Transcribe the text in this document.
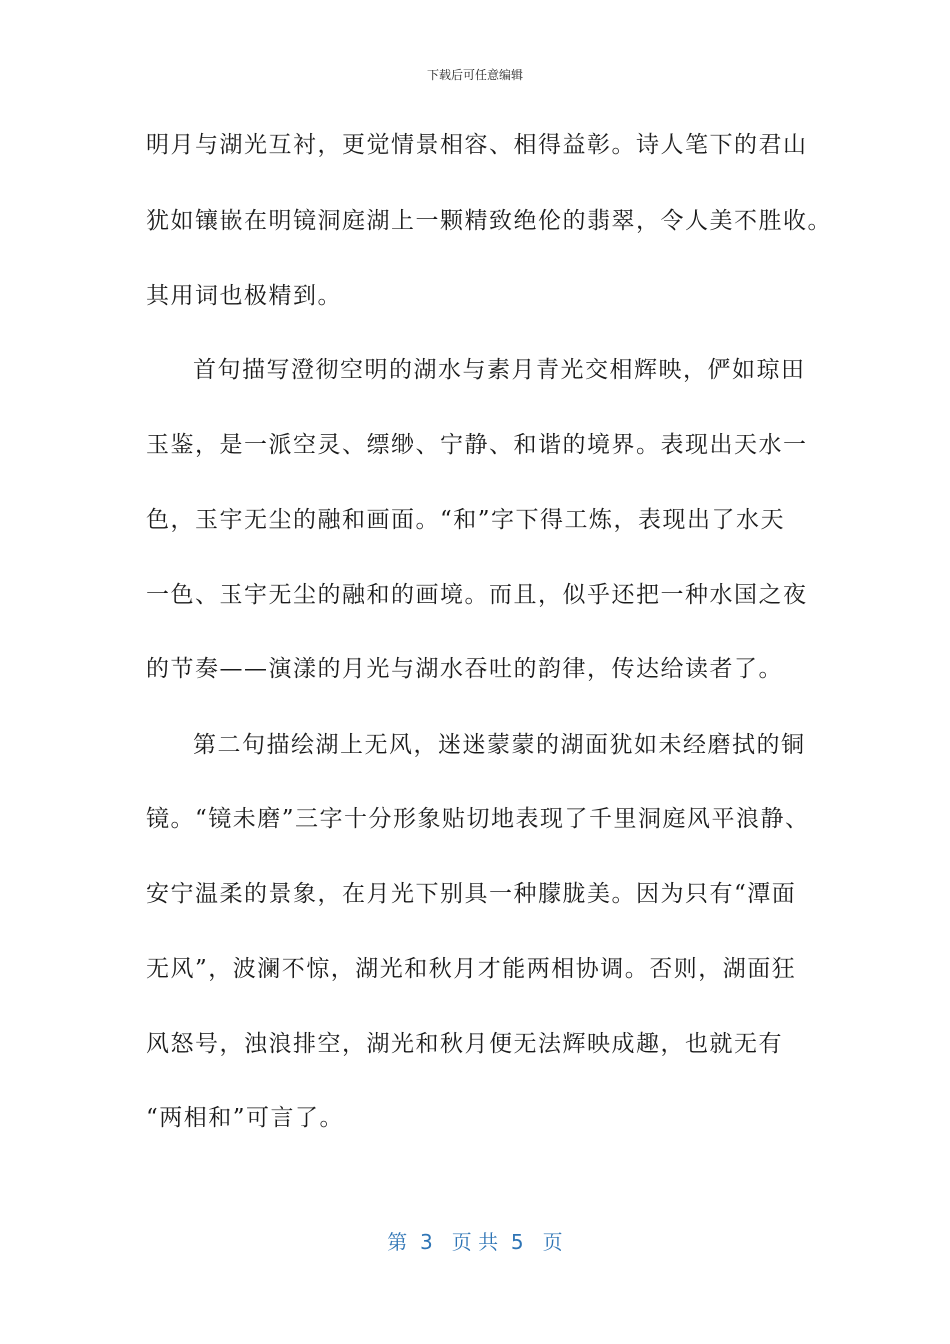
下载后可任意编辑
明月与湖光互衬，更觉情景相容、相得益彰。诗人笔下的君山
犹如镶嵌在明镜洞庭湖上一颗精致绝伦的翡翠，令人美不胜收。
其用词也极精到。
首句描写澄彻空明的湖水与素月青光交相辉映，俨如琼田
玉鉴，是一派空灵、缥缈、宁静、和谐的境界。表现出天水一
色，玉宇无尘的融和画面。“和”字下得工炼，表现出了水天
一色、玉宇无尘的融和的画境。而且，似乎还把一种水国之夜
的节奏——演漾的月光与湖水吞吐的韵律，传达给读者了。
第二句描绘湖上无风，迷迷蒙蒙的湖面犹如未经磨拭的铜
镜。“镜未磨”三字十分形象贴切地表现了千里洞庭风平浪静、
安宁温柔的景象，在月光下别具一种朦胧美。因为只有“潭面
无风”，波澜不惊，湖光和秋月才能两相协调。否则，湖面狂
风怒号，浊浪排空，湖光和秋月便无法辉映成趣，也就无有
“两相和”可言了。
第  3   页 共  5   页
